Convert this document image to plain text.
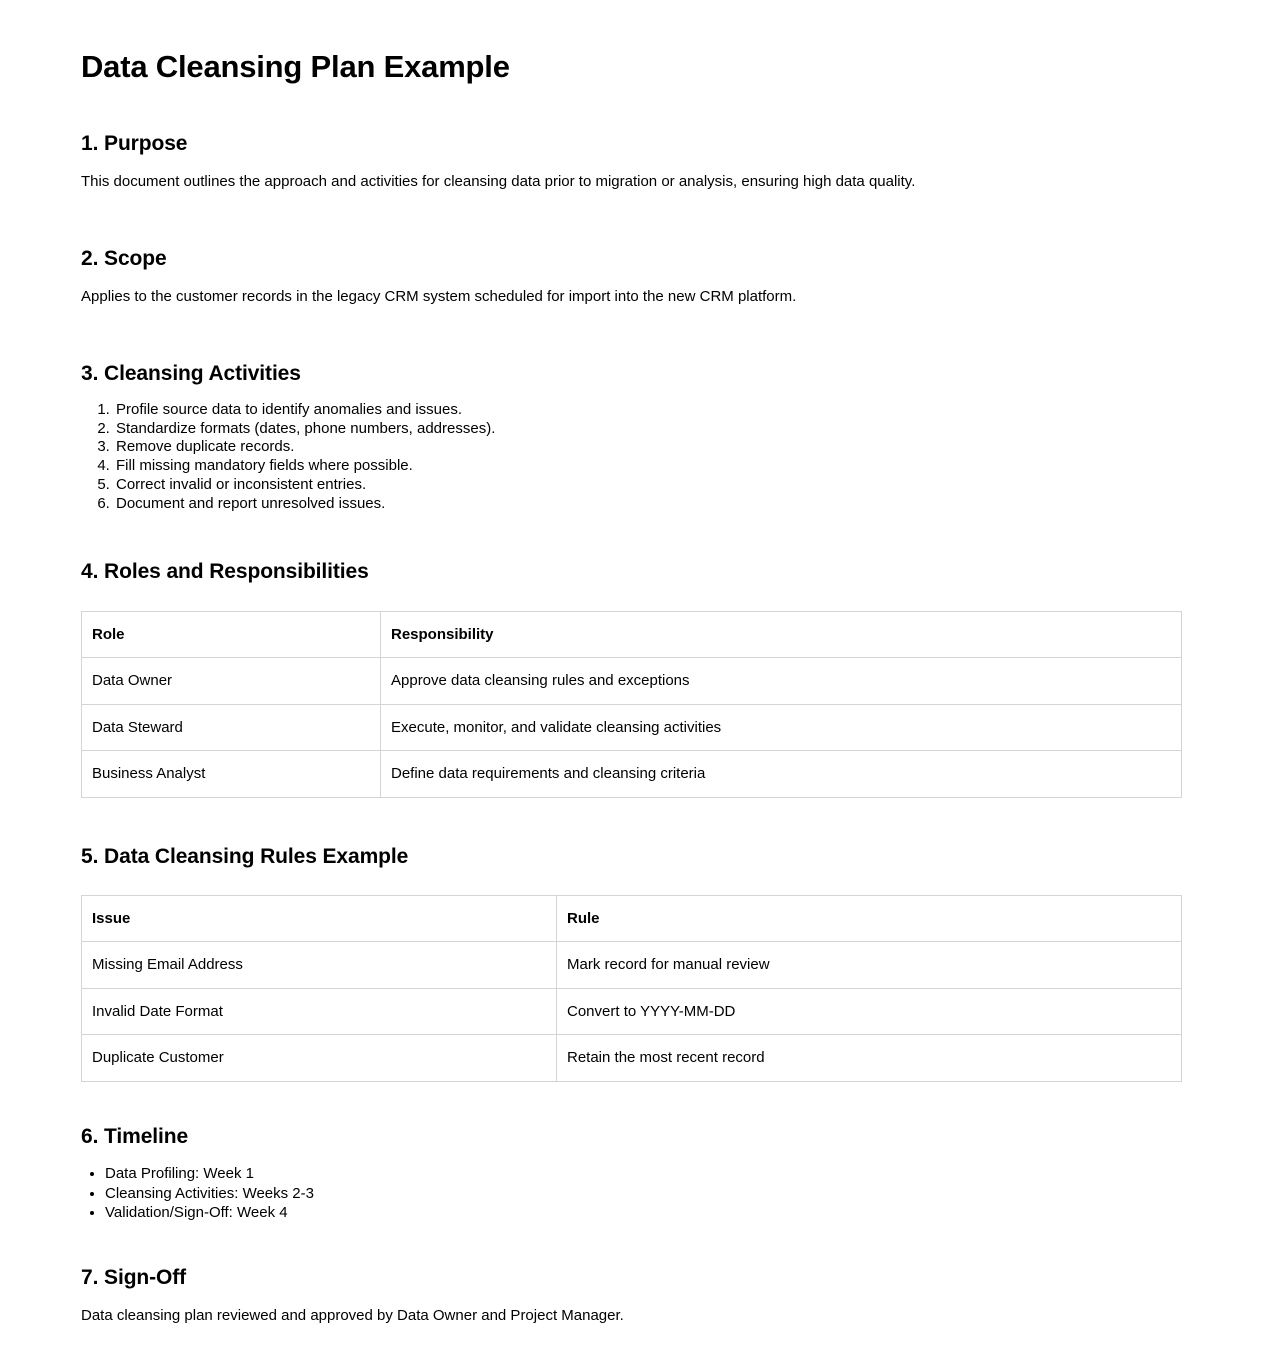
Data Cleansing Plan Example
1. Purpose

This document outlines the approach and activities for cleansing data prior to migration or analysis, ensuring high data quality.

2. Scope

Applies to the customer records in the legacy CRM system scheduled for import into the new CRM platform.

3. Cleansing Activities
1. Profile source data to identify anomalies and issues.
2. Standardize formats (dates, phone numbers, addresses).
3. Remove duplicate records.
4. Fill missing mandatory fields where possible.
5. Correct invalid or inconsistent entries.
6. Document and report unresolved issues.
4. Roles and Responsibilities
Role	Responsibility
Data Owner	Approve data cleansing rules and exceptions
Data Steward	Execute, monitor, and validate cleansing activities
Business Analyst	Define data requirements and cleansing criteria
5. Data Cleansing Rules Example
Issue	Rule
Missing Email Address	Mark record for manual review
Invalid Date Format	Convert to YYYY-MM-DD
Duplicate Customer	Retain the most recent record
6. Timeline
• Data Profiling: Week 1
• Cleansing Activities: Weeks 2-3
• Validation/Sign-Off: Week 4
7. Sign-Off

Data cleansing plan reviewed and approved by Data Owner and Project Manager.
